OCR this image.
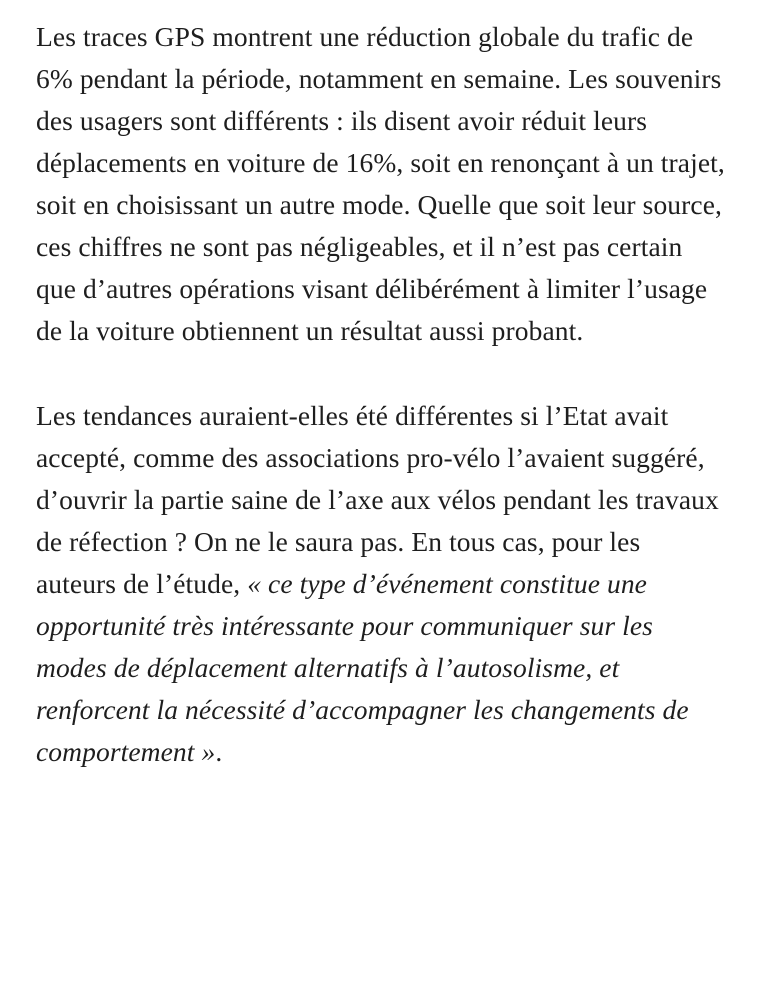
Les traces GPS montrent une réduction globale du trafic de 6% pendant la période, notamment en semaine. Les souvenirs des usagers sont différents : ils disent avoir réduit leurs déplacements en voiture de 16%, soit en renonçant à un trajet, soit en choisissant un autre mode. Quelle que soit leur source, ces chiffres ne sont pas négligeables, et il n’est pas certain que d’autres opérations visant délibérément à limiter l’usage de la voiture obtiennent un résultat aussi probant.

Les tendances auraient-elles été différentes si l’Etat avait accepté, comme des associations pro-vélo l’avaient suggéré, d’ouvrir la partie saine de l’axe aux vélos pendant les travaux de réfection ? On ne le saura pas. En tous cas, pour les auteurs de l’étude, « ce type d’événement constitue une opportunité très intéressante pour communiquer sur les modes de déplacement alternatifs à l’autosolisme, et renforcent la nécessité d’accompagner les changements de comportement ».
